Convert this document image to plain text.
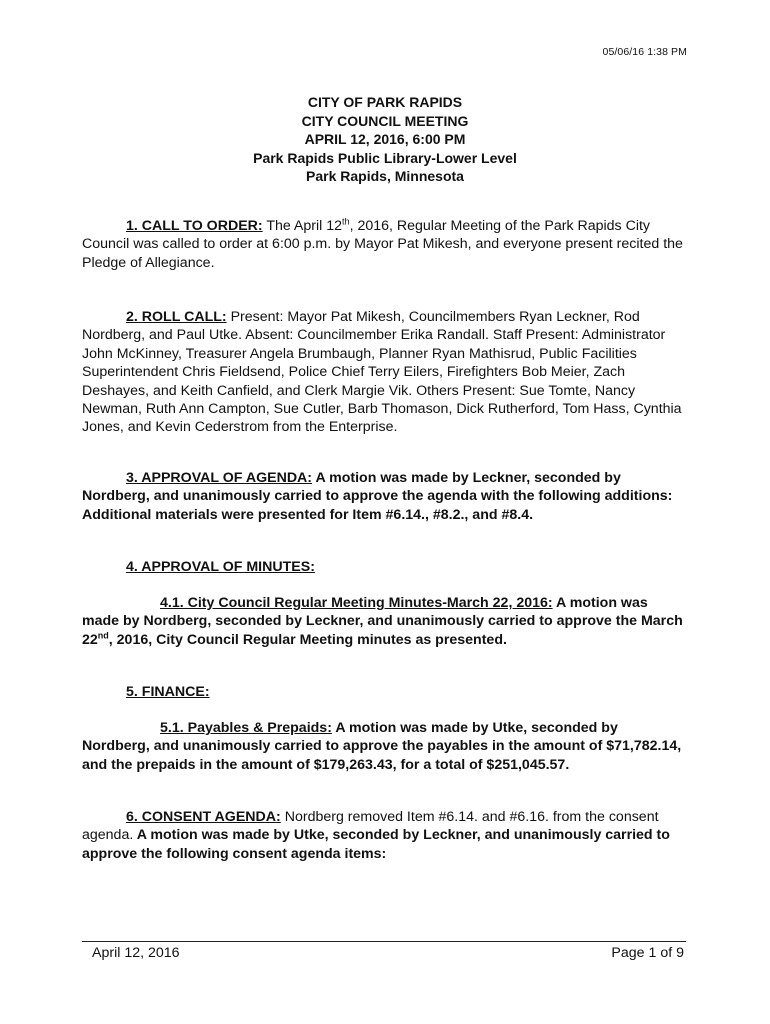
05/06/16 1:38 PM
CITY OF PARK RAPIDS
CITY COUNCIL MEETING
APRIL 12, 2016, 6:00 PM
Park Rapids Public Library-Lower Level
Park Rapids, Minnesota

1. CALL TO ORDER: The April 12th, 2016, Regular Meeting of the Park Rapids City Council was called to order at 6:00 p.m. by Mayor Pat Mikesh, and everyone present recited the Pledge of Allegiance.

2. ROLL CALL: Present: Mayor Pat Mikesh, Councilmembers Ryan Leckner, Rod Nordberg, and Paul Utke. Absent: Councilmember Erika Randall. Staff Present: Administrator John McKinney, Treasurer Angela Brumbaugh, Planner Ryan Mathisrud, Public Facilities Superintendent Chris Fieldsend, Police Chief Terry Eilers, Firefighters Bob Meier, Zach Deshayes, and Keith Canfield, and Clerk Margie Vik. Others Present: Sue Tomte, Nancy Newman, Ruth Ann Campton, Sue Cutler, Barb Thomason, Dick Rutherford, Tom Hass, Cynthia Jones, and Kevin Cederstrom from the Enterprise.

3. APPROVAL OF AGENDA: A motion was made by Leckner, seconded by Nordberg, and unanimously carried to approve the agenda with the following additions: Additional materials were presented for Item #6.14., #8.2., and #8.4.

4. APPROVAL OF MINUTES:

4.1. City Council Regular Meeting Minutes-March 22, 2016: A motion was made by Nordberg, seconded by Leckner, and unanimously carried to approve the March 22nd, 2016, City Council Regular Meeting minutes as presented.

5. FINANCE:

5.1. Payables & Prepaids: A motion was made by Utke, seconded by Nordberg, and unanimously carried to approve the payables in the amount of $71,782.14, and the prepaids in the amount of $179,263.43, for a total of $251,045.57.

6. CONSENT AGENDA: Nordberg removed Item #6.14. and #6.16. from the consent agenda. A motion was made by Utke, seconded by Leckner, and unanimously carried to approve the following consent agenda items:

April 12, 2016	Page 1 of 9
